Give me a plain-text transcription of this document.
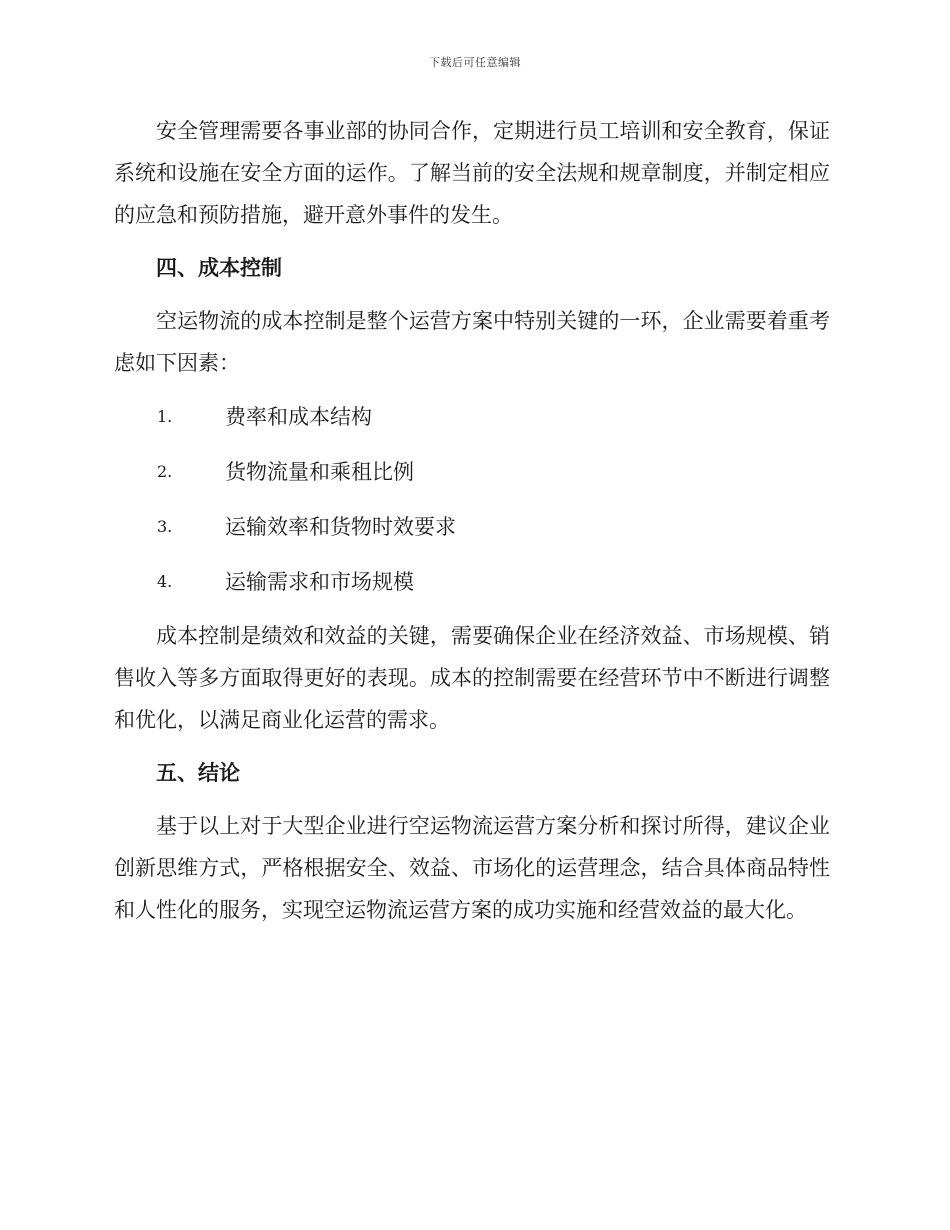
下载后可任意编辑

安全管理需要各事业部的协同合作，定期进行员工培训和安全教育，保证系统和设施在安全方面的运作。了解当前的安全法规和规章制度，并制定相应的应急和预防措施，避开意外事件的发生。

四、成本控制

空运物流的成本控制是整个运营方案中特别关键的一环，企业需要着重考虑如下因素：

1.	费率和成本结构
2.	货物流量和乘租比例
3.	运输效率和货物时效要求
4.	运输需求和市场规模

成本控制是绩效和效益的关键，需要确保企业在经济效益、市场规模、销售收入等多方面取得更好的表现。成本的控制需要在经营环节中不断进行调整和优化，以满足商业化运营的需求。

五、结论

基于以上对于大型企业进行空运物流运营方案分析和探讨所得，建议企业创新思维方式，严格根据安全、效益、市场化的运营理念，结合具体商品特性和人性化的服务，实现空运物流运营方案的成功实施和经营效益的最大化。
